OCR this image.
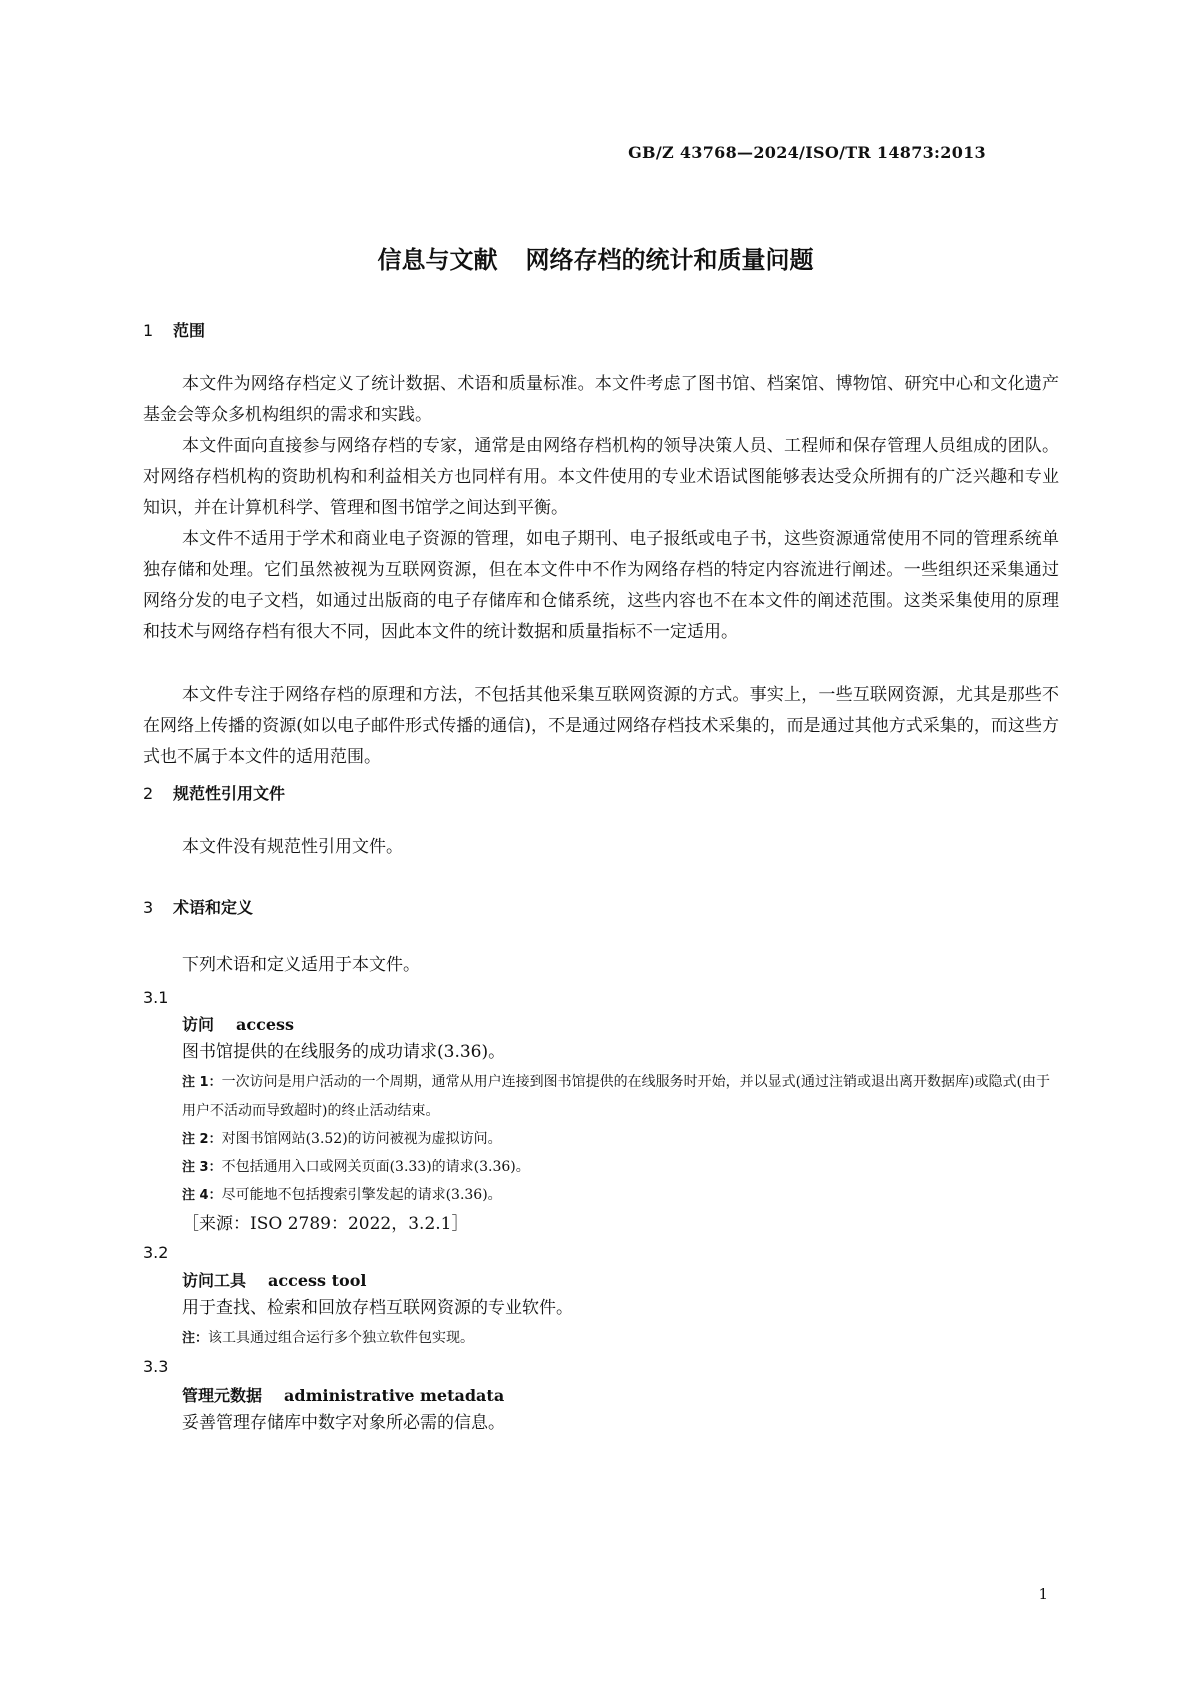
GB/Z 43768—2024/ISO/TR 14873:2013
信息与文献 网络存档的统计和质量问题
1 范围

本文件为网络存档定义了统计数据、术语和质量标准。本文件考虑了图书馆、档案馆、博物馆、研究中心和文化遗产基金会等众多机构组织的需求和实践。

本文件面向直接参与网络存档的专家，通常是由网络存档机构的领导决策人员、工程师和保存管理人员组成的团队。对网络存档机构的资助机构和利益相关方也同样有用。本文件使用的专业术语试图能够表达受众所拥有的广泛兴趣和专业知识，并在计算机科学、管理和图书馆学之间达到平衡。

本文件不适用于学术和商业电子资源的管理，如电子期刊、电子报纸或电子书，这些资源通常使用不同的管理系统单独存储和处理。它们虽然被视为互联网资源，但在本文件中不作为网络存档的特定内容流进行阐述。一些组织还采集通过网络分发的电子文档，如通过出版商的电子存储库和仓储系统，这些内容也不在本文件的阐述范围。这类采集使用的原理和技术与网络存档有很大不同，因此本文件的统计数据和质量指标不一定适用。

本文件专注于网络存档的原理和方法，不包括其他采集互联网资源的方式。事实上，一些互联网资源，尤其是那些不在网络上传播的资源(如以电子邮件形式传播的通信)，不是通过网络存档技术采集的，而是通过其他方式采集的，而这些方式也不属于本文件的适用范围。

2 规范性引用文件
本文件没有规范性引用文件。
3 术语和定义
下列术语和定义适用于本文件。
3.1
访问 access
图书馆提供的在线服务的成功请求(3.36)。
注 1：一次访问是用户活动的一个周期，通常从用户连接到图书馆提供的在线服务时开始，并以显式(通过注销或退出离开数据库)或隐式(由于用户不活动而导致超时)的终止活动结束。
注 2：对图书馆网站(3.52)的访问被视为虚拟访问。
注 3：不包括通用入口或网关页面(3.33)的请求(3.36)。
注 4：尽可能地不包括搜索引擎发起的请求(3.36)。
［来源：ISO 2789：2022，3.2.1］
3.2
访问工具 access tool
用于查找、检索和回放存档互联网资源的专业软件。
注：该工具通过组合运行多个独立软件包实现。
3.3
管理元数据 administrative metadata
妥善管理存储库中数字对象所必需的信息。
1
